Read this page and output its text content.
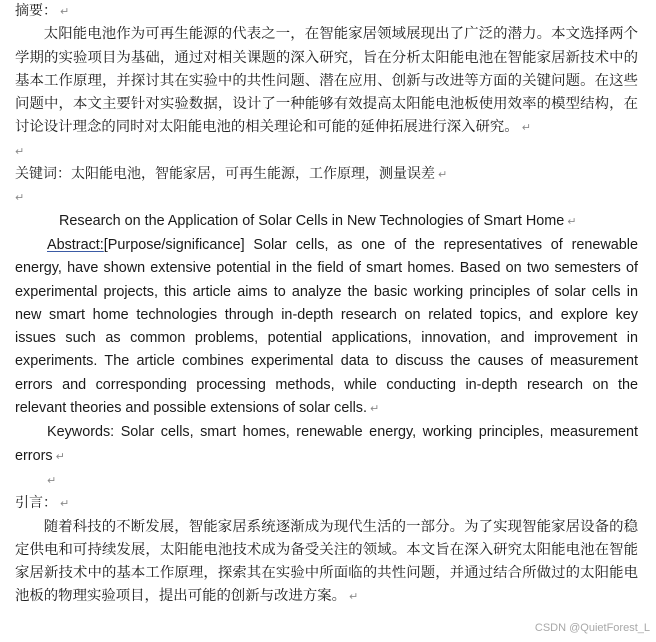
摘要： ↵
太阳能电池作为可再生能源的代表之一，在智能家居领域展现出了广泛的潜力。本文选择两个学期的实验项目为基础，通过对相关课题的深入研究，旨在分析太阳能电池在智能家居新技术中的基本工作原理，并探讨其在实验中的共性问题、潜在应用、创新与改进等方面的关键问题。在这些问题中，本文主要针对实验数据，设计了一种能够有效提高太阳能电池板使用效率的模型结构，在讨论设计理念的同时对太阳能电池的相关理论和可能的延伸拓展进行深入研究。 ↵
↵
关键词：太阳能电池，智能家居，可再生能源，工作原理，测量误差 ↵
↵
Research on the Application of Solar Cells in New Technologies of Smart Home ↵
Abstract:[Purpose/significance] Solar cells, as one of the representatives of renewable energy, have shown extensive potential in the field of smart homes. Based on two semesters of experimental projects, this article aims to analyze the basic working principles of solar cells in new smart home technologies through in-depth research on related topics, and explore key issues such as common problems, potential applications, innovation, and improvement in experiments. The article combines experimental data to discuss the causes of measurement errors and corresponding processing methods, while conducting in-depth research on the relevant theories and possible extensions of solar cells. ↵
Keywords: Solar cells, smart homes, renewable energy, working principles, measurement errors ↵
↵
引言： ↵
随着科技的不断发展，智能家居系统逐渐成为现代生活的一部分。为了实现智能家居设备的稳定供电和可持续发展，太阳能电池技术成为备受关注的领域。本文旨在深入研究太阳能电池在智能家居新技术中的基本工作原理，探索其在实验中所面临的共性问题，并通过结合所做过的太阳能电池板的物理实验项目，提出可能的创新与改进方案。 ↵
CSDN @QuietForest_L
